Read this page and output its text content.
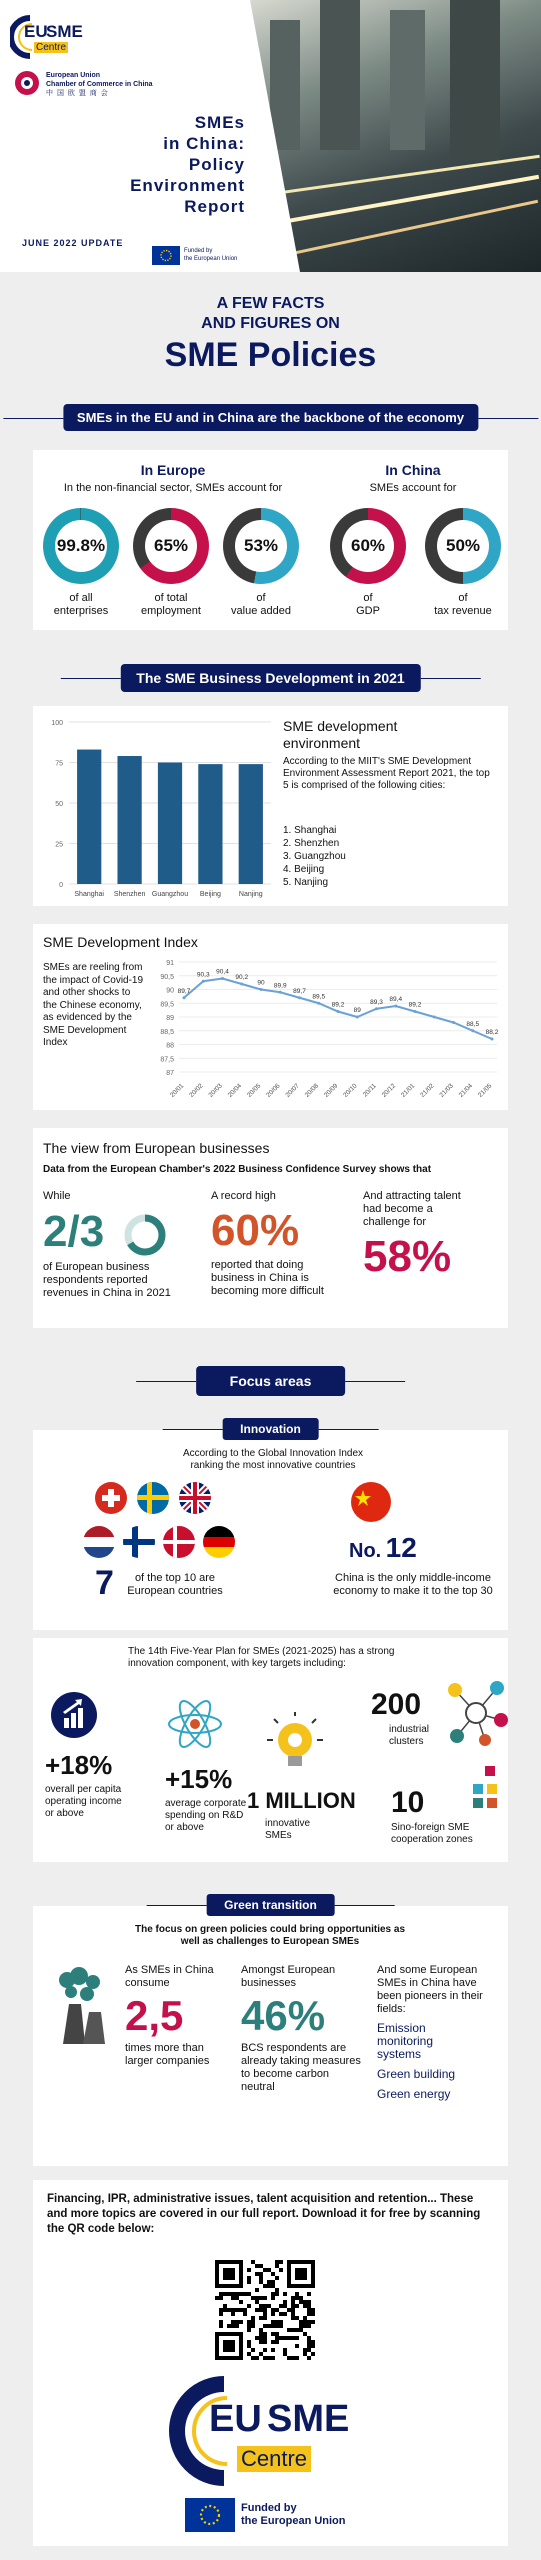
EU
SME
Centre
European Union
Chamber of Commerce in China
中 国 欧 盟 商 会
SMEs
in China:
Policy
Environment
Report
JUNE 2022 UPDATE
Funded by
the European Union
A FEW FACTS
AND FIGURES ON
SME Policies
SMEs in the EU and in China are the backbone of the economy
In Europe
In the non-financial sector, SMEs account for
99.8%
of all
enterprises
65%
of total
employment
53%
of
value added
In China
SMEs account for
60%
of
GDP
50%
of
tax revenue
The SME Business Development in 2021
0
25
50
75
100
Shanghai Shenzhen Guangzhou Beijing	Nanjing
SME development
environment
According to the MIIT's SME Development Environment Assessment Report 2021, the top 5 is comprised of the following cities:
1. Shanghai
2. Shenzhen
3. Guangzhou
4. Beijing
5. Nanjing
SME Development Index
SMEs are reeling from the impact of Covid-19 and other shocks to the Chinese economy, as evidenced by the SME Development Index
87
87,5
88
88,5
89
89,5
90
90,5
91
89,7
20/01
90,3
20/02
90,4
20/03
90,2
20/04
90
20/05
89,9
20/06
89,7
20/07
89,5
20/08
89,2
20/09
89
20/10
89,3
20/11
89,4
20/12
89,2
21/01 21/02 21/03
88,5
21/04
88,2
21/05
The view from European businesses
Data from the European Chamber's 2022 Business Confidence Survey shows that
While
2/3
of European business respondents reported revenues in China in 2021
A record high
60%
reported that doing business in China is becoming more difficult
And attracting talent had become a challenge for
58%
Focus areas
Innovation
According to the Global Innovation Index ranking the most innovative countries
7	of the top 10 are European countries
No. 12
China is the only middle-income economy to make it to the top 30
The 14th Five-Year Plan for SMEs (2021-2025) has a strong innovation component, with key targets including:
+18%
overall per capita operating income or above
+15%
average corporate spending on R&D or above
1 MILLION
innovative SMEs
200
industrial clusters
10
Sino-foreign SME cooperation zones
Green transition
The focus on green policies could bring opportunities as well as challenges to European SMEs
As SMEs in China consume
2,5
times more than larger companies
Amongst European businesses
46%
BCS respondents are already taking measures to become carbon neutral
And some European SMEs in China have been pioneers in their fields:
Emission monitoring systems
Green building
Green energy
Financing, IPR, administrative issues, talent acquisition and retention... These and more topics are covered in our full report. Download it for free by scanning the QR code below:
EU SME
Centre
Funded by
the European Union
